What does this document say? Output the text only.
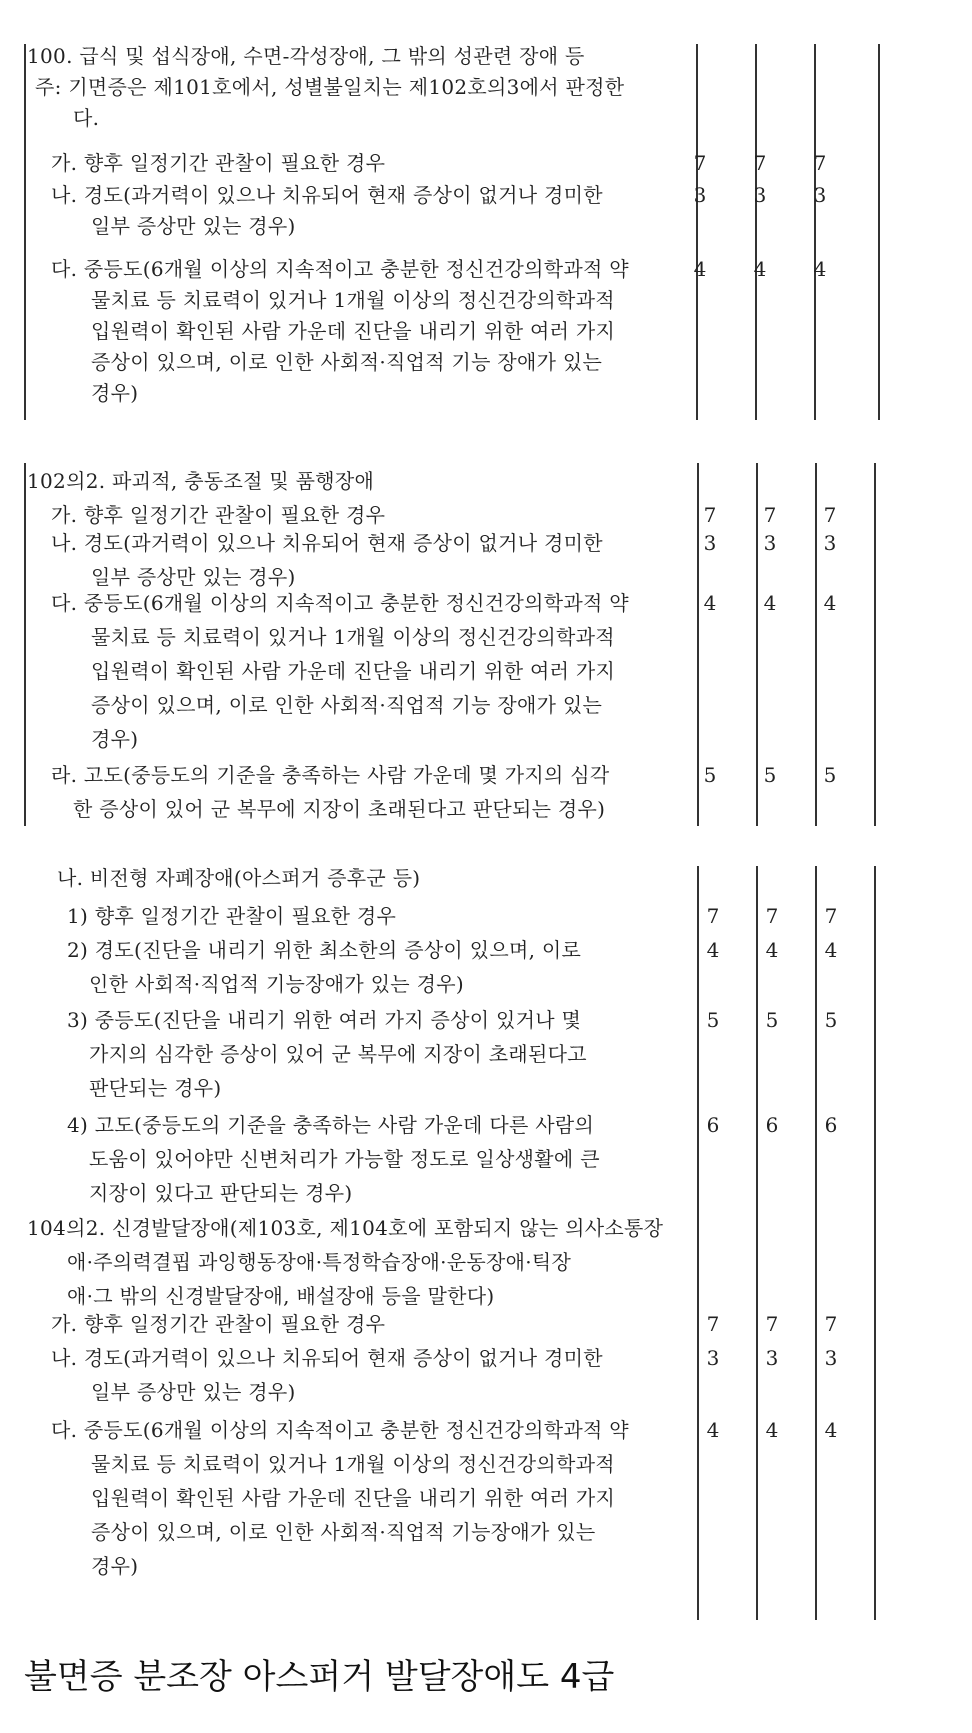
100. 급식 및 섭식장애, 수면-각성장애, 그 밖의 성관련 장애 등
주: 기면증은 제101호에서, 성별불일치는 제102호의3에서 판정한
다.
가. 향후 일정기간 관찰이 필요한 경우	7	7	7
나. 경도(과거력이 있으나 치유되어 현재 증상이 없거나 경미한
일부 증상만 있는 경우)
3	3	3
다. 중등도(6개월 이상의 지속적이고 충분한 정신건강의학과적 약
물치료 등 치료력이 있거나 1개월 이상의 정신건강의학과적
입원력이 확인된 사람 가운데 진단을 내리기 위한 여러 가지
증상이 있으며, 이로 인한 사회적·직업적 기능 장애가 있는
경우)
4	4	4
102의2. 파괴적, 충동조절 및 품행장애
가. 향후 일정기간 관찰이 필요한 경우	7	7	7
나. 경도(과거력이 있으나 치유되어 현재 증상이 없거나 경미한
일부 증상만 있는 경우)
3	3	3
다. 중등도(6개월 이상의 지속적이고 충분한 정신건강의학과적 약
물치료 등 치료력이 있거나 1개월 이상의 정신건강의학과적
입원력이 확인된 사람 가운데 진단을 내리기 위한 여러 가지
증상이 있으며, 이로 인한 사회적·직업적 기능 장애가 있는
경우)
4	4	4
라. 고도(중등도의 기준을 충족하는 사람 가운데 몇 가지의 심각
한 증상이 있어 군 복무에 지장이 초래된다고 판단되는 경우)
5	5	5
나. 비전형 자폐장애(아스퍼거 증후군 등)
1) 향후 일정기간 관찰이 필요한 경우	7	7	7
2) 경도(진단을 내리기 위한 최소한의 증상이 있으며, 이로
인한 사회적·직업적 기능장애가 있는 경우)
4	4	4
3) 중등도(진단을 내리기 위한 여러 가지 증상이 있거나 몇
가지의 심각한 증상이 있어 군 복무에 지장이 초래된다고
판단되는 경우)
5	5	5
4) 고도(중등도의 기준을 충족하는 사람 가운데 다른 사람의
도움이 있어야만 신변처리가 가능할 정도로 일상생활에 큰
지장이 있다고 판단되는 경우)
6	6	6
104의2. 신경발달장애(제103호, 제104호에 포함되지 않는 의사소통장
애·주의력결핍 과잉행동장애·특정학습장애·운동장애·틱장
애·그 밖의 신경발달장애, 배설장애 등을 말한다)
가. 향후 일정기간 관찰이 필요한 경우	7	7	7
나. 경도(과거력이 있으나 치유되어 현재 증상이 없거나 경미한
일부 증상만 있는 경우)
3	3	3
다. 중등도(6개월 이상의 지속적이고 충분한 정신건강의학과적 약
물치료 등 치료력이 있거나 1개월 이상의 정신건강의학과적
입원력이 확인된 사람 가운데 진단을 내리기 위한 여러 가지
증상이 있으며, 이로 인한 사회적·직업적 기능장애가 있는
경우)
4	4	4
불면증 분조장 아스퍼거 발달장애도 4급
